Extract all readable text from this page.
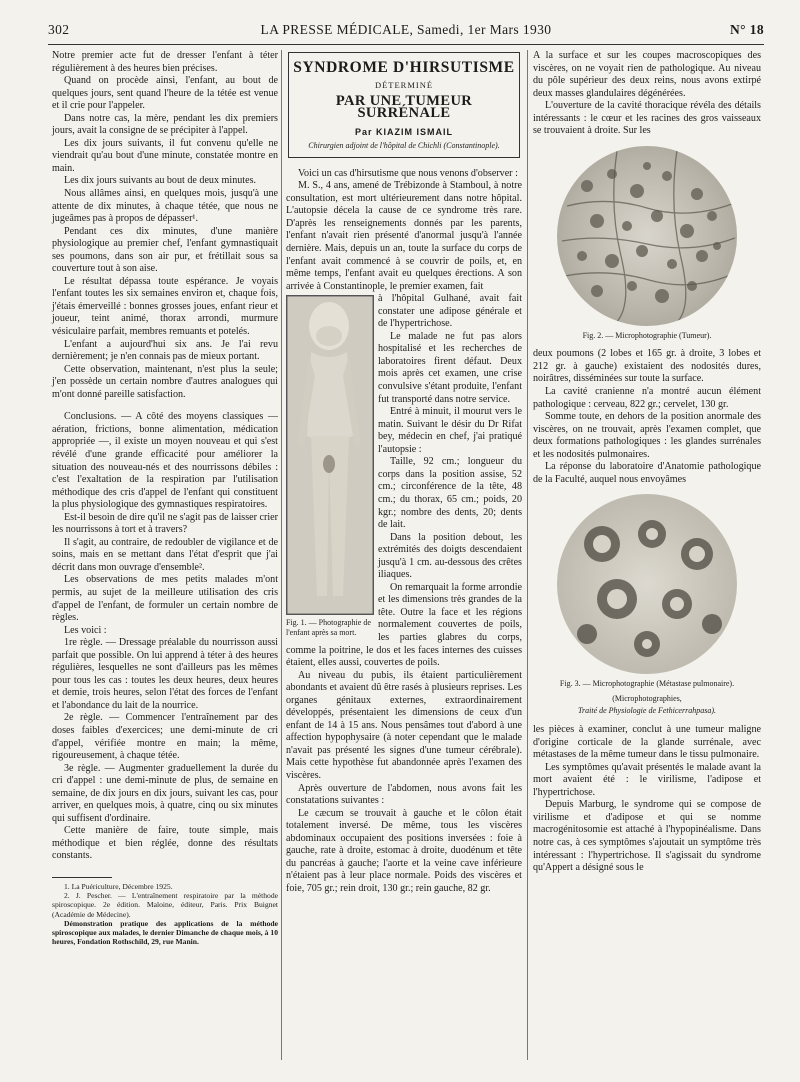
302	LA PRESSE MÉDICALE, Samedi, 1er Mars 1930	N° 18

Notre premier acte fut de dresser l'enfant à téter régulièrement à des heures bien précises.

Quand on procède ainsi, l'enfant, au bout de quelques jours, sent quand l'heure de la tétée est venue et il crie pour l'appeler.

Dans notre cas, la mère, pendant les dix premiers jours, avait la consigne de se précipiter à l'appel.

Les dix jours suivants, il fut convenu qu'elle ne viendrait qu'au bout d'une minute, constatée montre en main.

Les dix jours suivants au bout de deux minutes.

Nous allâmes ainsi, en quelques mois, jusqu'à une attente de dix minutes, à chaque tétée, que nous ne jugeâmes pas à propos de dépasser¹.

Pendant ces dix minutes, d'une manière physiologique au premier chef, l'enfant gymnastiquait ses poumons, dans son air pur, et frétillait sous sa couverture tout à son aise.

Le résultat dépassa toute espérance. Je voyais l'enfant toutes les six semaines environ et, chaque fois, j'étais émerveillé : bonnes grosses joues, enfant rieur et joueur, teint animé, thorax arrondi, murmure vésiculaire parfait, membres remuants et potelés.

L'enfant a aujourd'hui six ans. Je l'ai revu dernièrement; je n'en connais pas de mieux portant.

Cette observation, maintenant, n'est plus la seule; j'en possède un certain nombre d'autres analogues qui m'ont donné pareille satisfaction.

Conclusions. — A côté des moyens classiques — aération, frictions, bonne alimentation, médication appropriée —, il existe un moyen nouveau et qui s'est révélé d'une grande efficacité pour améliorer la situation des nouveau-nés et des nourrissons débiles : c'est l'exaltation de la respiration par l'utilisation méthodique des cris d'appel de l'enfant qui constituent la plus physiologique des gymnastiques respiratoires.

Est-il besoin de dire qu'il ne s'agit pas de laisser crier les nourrissons à tort et à travers?

Il s'agit, au contraire, de redoubler de vigilance et de soins, mais en se mettant dans l'état d'esprit que j'ai décrit dans mon ouvrage d'ensemble².

Les observations de mes petits malades m'ont permis, au sujet de la meilleure utilisation des cris d'appel de l'enfant, de formuler un certain nombre de règles.

Les voici :

1re règle. — Dressage préalable du nourrisson aussi parfait que possible. On lui apprend à téter à des heures régulières, lesquelles ne sont d'ailleurs pas les mêmes pour tous les cas : toutes les deux heures, deux heures et demie, trois heures, selon l'état des forces de l'enfant et l'abondance du lait de la nourrice.

2e règle. — Commencer l'entraînement par des doses faibles d'exercices; une demi-minute de cri d'appel, vérifiée montre en main; la même, rigoureusement, à chaque tétée.

3e règle. — Augmenter graduellement la durée du cri d'appel : une demi-minute de plus, de semaine en semaine, de dix jours en dix jours, suivant les cas, pour arriver, en quelques mois, à quatre, cinq ou six minutes qui suffisent d'ordinaire.

Cette manière de faire, toute simple, mais méthodique et bien réglée, donne des résultats constants.

1. La Puériculture, Décembre 1925.

2. J. Pescher. — L'entraînement respiratoire par la méthode spiroscopique. 2e édition. Maloine, éditeur, Paris. Prix Buignet (Académie de Médecine).

Démonstration pratique des applications de la méthode spiroscopique aux malades, le dernier Dimanche de chaque mois, à 10 heures, Fondation Rothschild, 29, rue Manin.

SYNDROME D'HIRSUTISME
DÉTERMINÉ
PAR UNE TUMEUR SURRÉNALE
Par KIAZIM ISMAIL
Chirurgien adjoint de l'hôpital de Chichli (Constantinople).

Voici un cas d'hirsutisme que nous venons d'observer :

M. S., 4 ans, amené de Trébizonde à Stamboul, à notre consultation, est mort ultérieurement dans notre hôpital. L'autopsie décela la cause de ce syndrome très rare. D'après les renseignements donnés par les parents, l'enfant n'avait rien présenté d'anormal jusqu'à l'année dernière. Mais, depuis un an, toute la surface du corps de l'enfant avait commencé à se couvrir de poils, et, en même temps, l'enfant avait eu quelques érections. A son arrivée à Constantinople, le premier examen, fait

Fig. 1. — Photographie de l'enfant après sa mort.

à l'hôpital Gulhané, avait fait constater une adipose générale et de l'hypertrichose.

Le malade ne fut pas alors hospitalisé et les recherches de laboratoires firent défaut. Deux mois après cet examen, une crise convulsive s'étant produite, l'enfant fut transporté dans notre service.

Entré à minuit, il mourut vers le matin. Suivant le désir du Dr Rifat bey, médecin en chef, j'ai pratiqué l'autopsie :

Taille, 92 cm.; longueur du corps dans la position assise, 52 cm.; circonférence de la tête, 48 cm.; du thorax, 65 cm.; poids, 20 kgr.; nombre des dents, 20; dents de lait.

Dans la position debout, les extrémités des doigts descendaient jusqu'à 1 cm. au-dessous des crêtes iliaques.

On remarquait la forme arrondie et les dimensions très grandes de la tête. Outre la face et les régions normalement couvertes de poils, les parties glabres du corps, comme la poitrine, le dos et les faces internes des cuisses étaient, elles aussi, couvertes de poils.

Au niveau du pubis, ils étaient particulièrement abondants et avaient dû être rasés à plusieurs reprises. Les organes génitaux externes, extraordinairement développés, présentaient les dimensions de ceux d'un enfant de 14 à 15 ans. Nous pensâmes tout d'abord à une affection hypophysaire (à noter cependant que le malade n'avait pas présenté les signes d'une tumeur cérébrale). Mais cette hypothèse fut abandonnée après l'examen des viscères.

Après ouverture de l'abdomen, nous avons fait les constatations suivantes :

Le cæcum se trouvait à gauche et le côlon était totalement inversé. De même, tous les viscères abdominaux occupaient des positions inversées : foie à gauche, rate à droite, estomac à droite, duodénum et tête du pancréas à gauche; l'aorte et la veine cave inférieure n'étaient pas à leur place normale. Poids des viscères et foie, 705 gr.; rein droit, 130 gr.; rein gauche, 82 gr.

A la surface et sur les coupes macroscopiques des viscères, on ne voyait rien de pathologique. Au niveau du pôle supérieur des deux reins, nous avons extirpé deux masses glandulaires dégénérées.

L'ouverture de la cavité thoracique révéla des détails intéressants : le cœur et les racines des gros vaisseaux se trouvaient à droite. Sur les

Fig. 2. — Microphotographie (Tumeur).

deux poumons (2 lobes et 165 gr. à droite, 3 lobes et 212 gr. à gauche) existaient des nodosités dures, noirâtres, disséminées sur toute la surface.

La cavité cranienne n'a montré aucun élément pathologique : cerveau, 822 gr.; cervelet, 130 gr.

Somme toute, en dehors de la position anormale des viscères, on ne trouvait, après l'examen complet, que deux formations pathologiques : les glandes surrénales et les nodosités pulmonaires.

La réponse du laboratoire d'Anatomie pathologique de la Faculté, auquel nous envoyâmes

Fig. 3. — Microphotographie (Métastase pulmonaire).
(Microphotographies,
Traité de Physiologie de Fethicerrahpasa).

les pièces à examiner, conclut à une tumeur maligne d'origine corticale de la glande surrénale, avec métastases de la même tumeur dans le tissu pulmonaire.

Les symptômes qu'avait présentés le malade avant la mort avaient été : le virilisme, l'adipose et l'hypertrichose.

Depuis Marburg, le syndrome qui se compose de virilisme et d'adipose et qui se nomme macrogénitosomie est attaché à l'hypopinéalisme. Dans notre cas, à ces symptômes s'ajoutait un symptôme très intéressant : l'hypertrichose. Il s'agissait du syndrome qu'Appert a désigné sous le
